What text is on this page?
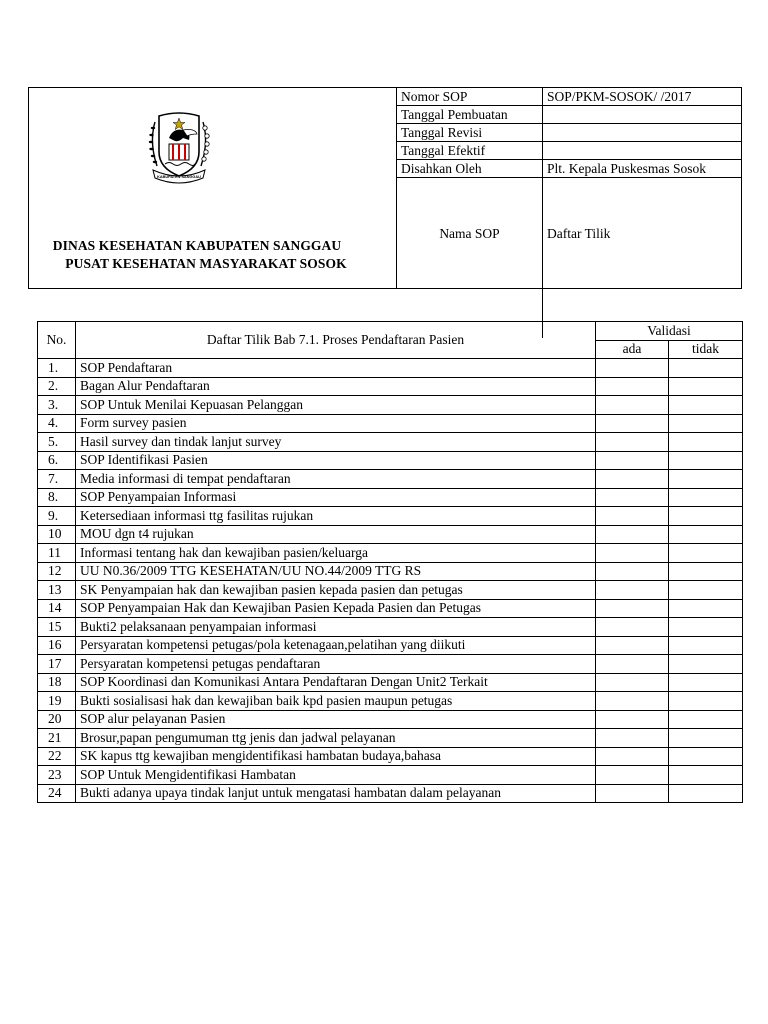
KABUPATEN SANGGAU
DINAS KESEHATAN KABUPATEN SANGGAU
PUSAT KESEHATAN MASYARAKAT SOSOK
Nomor SOP	SOP/PKM-SOSOK/ /2017
Tanggal Pembuatan	
Tanggal Revisi	
Tanggal Efektif	
Disahkan Oleh	Plt. Kepala Puskesmas Sosok
Nama SOP	Daftar Tilik
No.	Daftar Tilik Bab 7.1. Proses Pendaftaran Pasien	Validasi	
		ada	tidak
1.	SOP Pendaftaran		
2.	Bagan Alur Pendaftaran		
3.	SOP Untuk Menilai Kepuasan Pelanggan		
4.	Form survey pasien		
5.	Hasil survey dan tindak lanjut survey		
6.	SOP Identifikasi Pasien		
7.	Media informasi di tempat pendaftaran		
8.	SOP Penyampaian Informasi		
9.	Ketersediaan informasi ttg fasilitas rujukan		
10	MOU dgn t4 rujukan		
11	Informasi tentang hak dan kewajiban pasien/keluarga		
12	UU N0.36/2009 TTG KESEHATAN/UU NO.44/2009 TTG RS		
13	SK Penyampaian hak dan kewajiban pasien kepada pasien dan petugas		
14	SOP Penyampaian Hak dan Kewajiban Pasien Kepada Pasien dan Petugas		
15	Bukti2 pelaksanaan penyampaian informasi		
16	Persyaratan kompetensi petugas/pola ketenagaan,pelatihan yang diikuti		
17	Persyaratan kompetensi petugas pendaftaran		
18	SOP Koordinasi dan Komunikasi Antara Pendaftaran Dengan Unit2 Terkait		
19	Bukti sosialisasi hak dan kewajiban baik kpd pasien maupun petugas		
20	SOP alur pelayanan Pasien		
21	Brosur,papan pengumuman ttg jenis dan jadwal pelayanan		
22	SK kapus ttg kewajiban mengidentifikasi hambatan budaya,bahasa		
23	SOP Untuk Mengidentifikasi Hambatan		
24	Bukti adanya upaya tindak lanjut untuk mengatasi hambatan dalam pelayanan		
